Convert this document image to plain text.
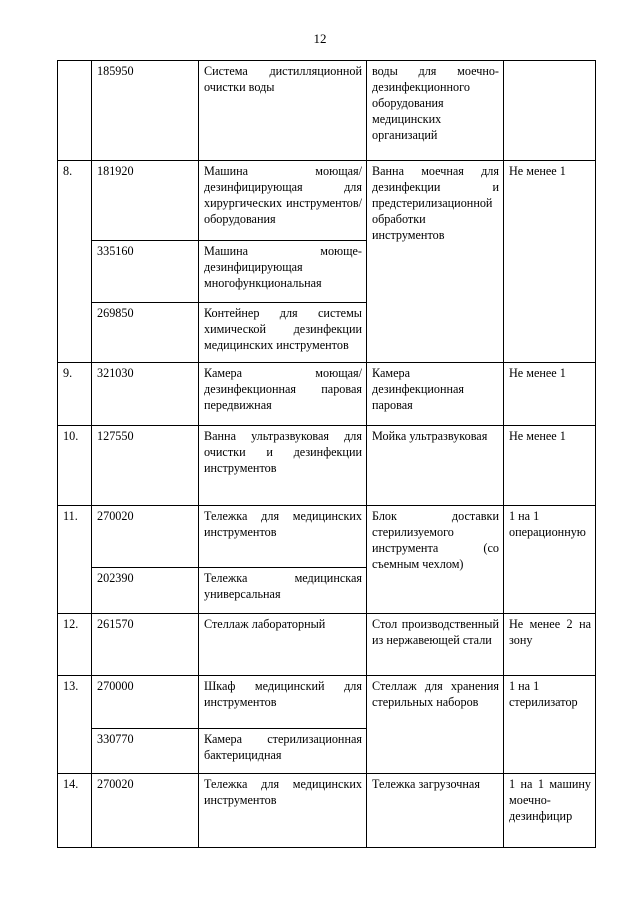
12
	185950	Система дистилляционной очистки воды	воды для моечно-дезинфекционного оборудования медицинских организаций	
8.	181920	Машина моющая/дезинфицирующая для хирургических инструментов/оборудования	Ванна моечная для дезинфекции и предстерилизационной обработки инструментов	Не менее 1
	335160	Машина моюще-дезинфицирующая многофункциональная		
	269850	Контейнер для системы химической дезинфекции медицинских инструментов		
9.	321030	Камера моющая/дезинфекционная паровая передвижная	Камера дезинфекционная паровая	Не менее 1
10.	127550	Ванна ультразвуковая для очистки и дезинфекции инструментов	Мойка ультразвуковая	Не менее 1
11.	270020	Тележка для медицинских инструментов	Блок доставки стерилизуемого инструмента (со съемным чехлом)	1 на 1 операционную
	202390	Тележка медицинская универсальная		
12.	261570	Стеллаж лабораторный	Стол производственный из нержавеющей стали	Не менее 2 на зону
13.	270000	Шкаф медицинский для инструментов	Стеллаж для хранения стерильных наборов	1 на 1 стерилизатор
	330770	Камера стерилизационная бактерицидная		
14.	270020	Тележка для медицинских инструментов	Тележка загрузочная	1 на 1 машину моечно-дезинфицир
